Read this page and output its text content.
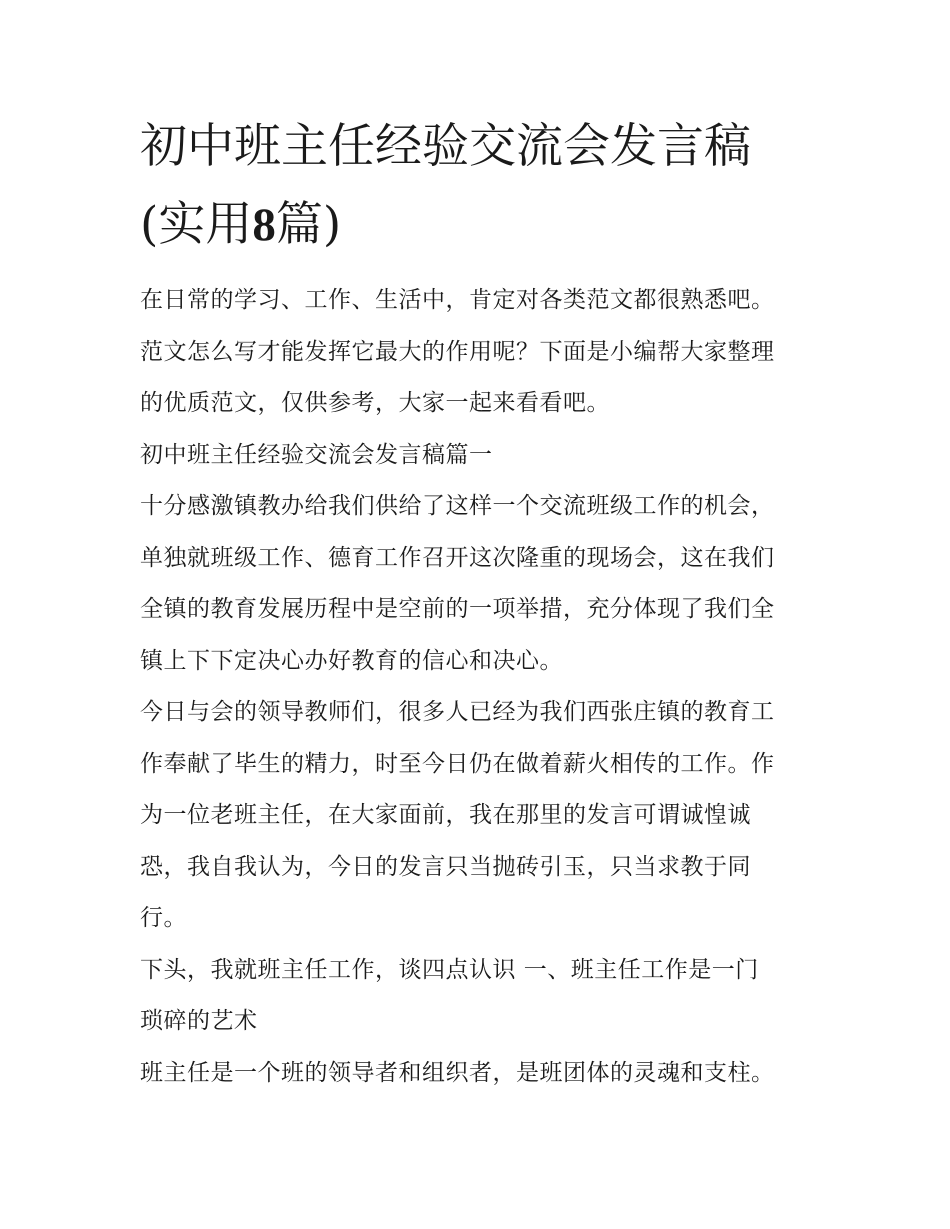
初中班主任经验交流会发言稿
(实用8篇)

在日常的学习、工作、生活中，肯定对各类范文都很熟悉吧。
范文怎么写才能发挥它最大的作用呢？下面是小编帮大家整理
的优质范文，仅供参考，大家一起来看看吧。

初中班主任经验交流会发言稿篇一

十分感激镇教办给我们供给了这样一个交流班级工作的机会，
单独就班级工作、德育工作召开这次隆重的现场会，这在我们
全镇的教育发展历程中是空前的一项举措，充分体现了我们全
镇上下下定决心办好教育的信心和决心。

今日与会的领导教师们，很多人已经为我们西张庄镇的教育工
作奉献了毕生的精力，时至今日仍在做着薪火相传的工作。作
为一位老班主任，在大家面前，我在那里的发言可谓诚惶诚
恐，我自我认为，今日的发言只当抛砖引玉，只当求教于同
行。

下头，我就班主任工作，谈四点认识 一、班主任工作是一门
琐碎的艺术

班主任是一个班的领导者和组织者，是班团体的灵魂和支柱。
